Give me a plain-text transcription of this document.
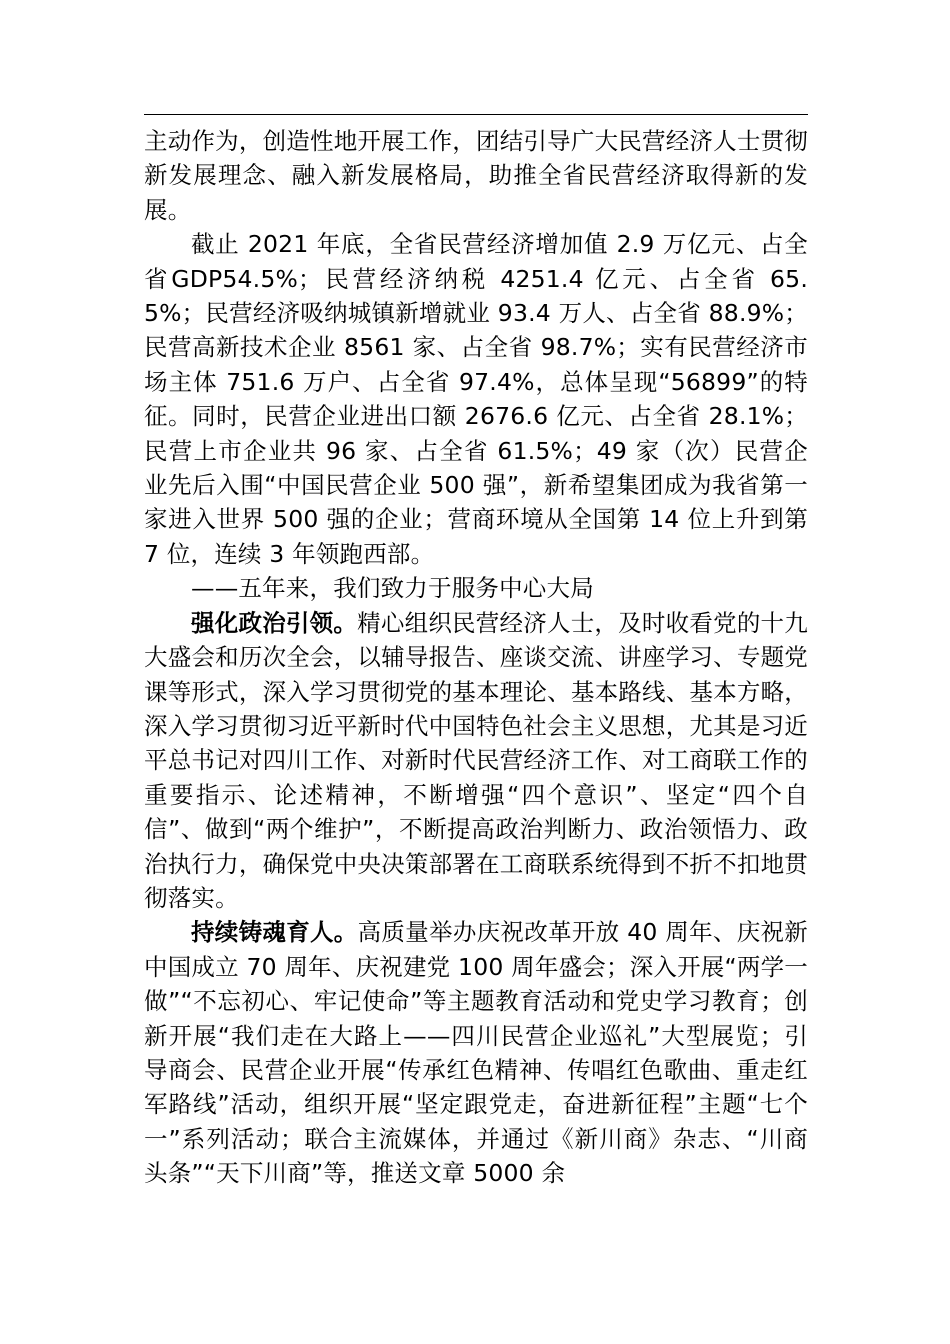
主动作为，创造性地开展工作，团结引导广大民营经济人士贯彻新发展理念、融入新发展格局，助推全省民营经济取得新的发展。

截止 2021 年底，全省民营经济增加值 2.9 万亿元、占全省GDP54.5%；民营经济纳税 4251.4 亿元、占全省 65.5%；民营经济吸纳城镇新增就业 93.4 万人、占全省 88.9%；民营高新技术企业 8561 家、占全省 98.7%；实有民营经济市场主体 751.6 万户、占全省 97.4%，总体呈现“56899”的特征。同时，民营企业进出口额 2676.6 亿元、占全省 28.1%；民营上市企业共 96 家、占全省 61.5%；49 家（次）民营企业先后入围“中国民营企业 500 强”，新希望集团成为我省第一家进入世界 500 强的企业；营商环境从全国第 14 位上升到第 7 位，连续 3 年领跑西部。

——五年来，我们致力于服务中心大局

强化政治引领。精心组织民营经济人士，及时收看党的十九大盛会和历次全会，以辅导报告、座谈交流、讲座学习、专题党课等形式，深入学习贯彻党的基本理论、基本路线、基本方略，深入学习贯彻习近平新时代中国特色社会主义思想，尤其是习近平总书记对四川工作、对新时代民营经济工作、对工商联工作的重要指示、论述精神，不断增强“四个意识”、坚定“四个自信”、做到“两个维护”，不断提高政治判断力、政治领悟力、政治执行力，确保党中央决策部署在工商联系统得到不折不扣地贯彻落实。

持续铸魂育人。高质量举办庆祝改革开放 40 周年、庆祝新中国成立 70 周年、庆祝建党 100 周年盛会；深入开展“两学一做”“不忘初心、牢记使命”等主题教育活动和党史学习教育；创新开展“我们走在大路上——四川民营企业巡礼”大型展览；引导商会、民营企业开展“传承红色精神、传唱红色歌曲、重走红军路线”活动，组织开展“坚定跟党走，奋进新征程”主题“七个一”系列活动；联合主流媒体，并通过《新川商》杂志、“川商头条”“天下川商”等，推送文章 5000 余
